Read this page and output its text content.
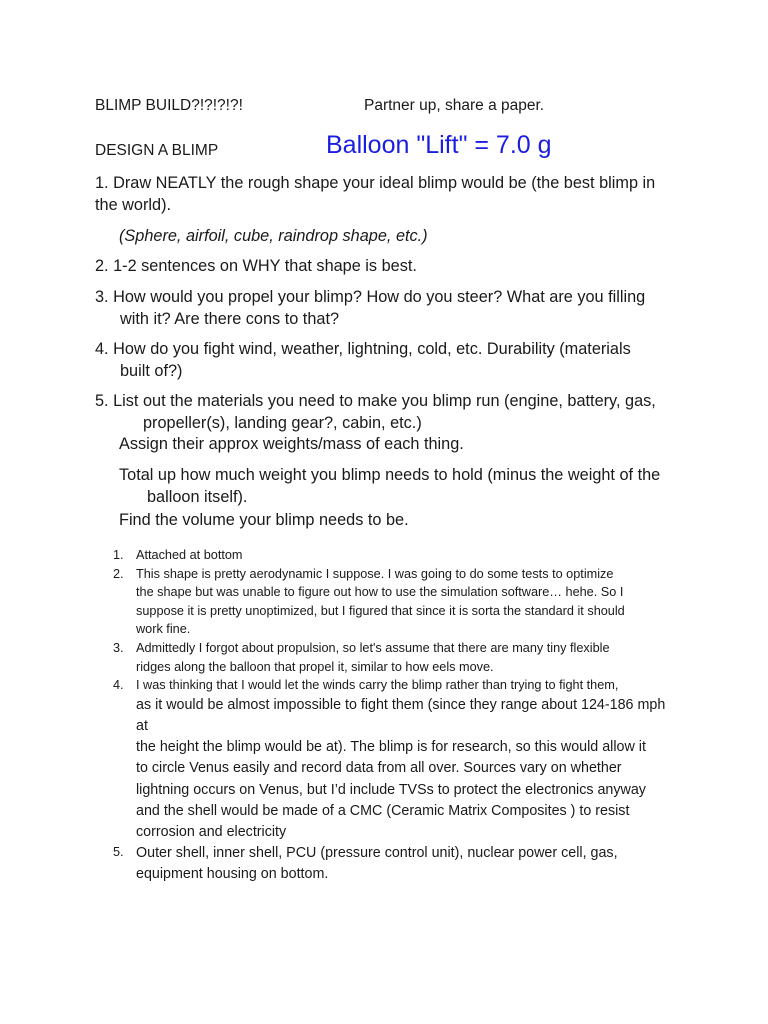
BLIMP BUILD?!?!?!?!	Partner up, share a paper.
DESIGN A BLIMP	Balloon "Lift" = 7.0 g
1. Draw NEATLY the rough shape your ideal blimp would be (the best blimp in
the world).
(Sphere, airfoil, cube, raindrop shape, etc.)
2. 1-2 sentences on WHY that shape is best.
3. How would you propel your blimp? How do you steer? What are you filling
with it? Are there cons to that?
4. How do you fight wind, weather, lightning, cold, etc. Durability (materials
built of?)
5. List out the materials you need to make you blimp run (engine, battery, gas,
propeller(s), landing gear?, cabin, etc.)
Assign their approx weights/mass of each thing.
Total up how much weight you blimp needs to hold (minus the weight of the
balloon itself).
Find the volume your blimp needs to be.
1. Attached at bottom
2. This shape is pretty aerodynamic I suppose. I was going to do some tests to optimize
the shape but was unable to figure out how to use the simulation software… hehe. So I
suppose it is pretty unoptimized, but I figured that since it is sorta the standard it should
work fine.
3. Admittedly I forgot about propulsion, so let's assume that there are many tiny flexible
ridges along the balloon that propel it, similar to how eels move.
4. I was thinking that I would let the winds carry the blimp rather than trying to fight them,
as it would be almost impossible to fight them (since they range about 124-186 mph at
the height the blimp would be at). The blimp is for research, so this would allow it
to circle Venus easily and record data from all over. Sources vary on whether
lightning occurs on Venus, but I’d include TVSs to protect the electronics anyway
and the shell would be made of a CMC (Ceramic Matrix Composites ) to resist
corrosion and electricity
5. Outer shell, inner shell, PCU (pressure control unit), nuclear power cell, gas,
equipment housing on bottom.
